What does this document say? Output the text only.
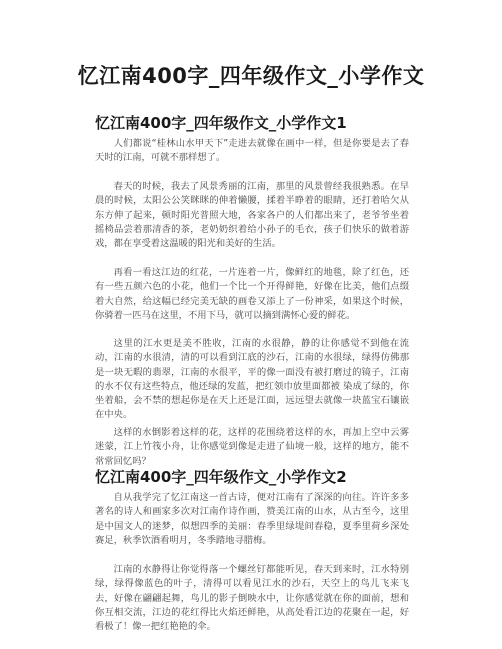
忆江南400字_四年级作文_小学作文
忆江南400字_四年级作文_小学作文1

人们都说“桂林山水甲天下”走进去就像在画中一样，但是你要是去了春天时的江南，可就不那样想了。

春天的时候，我去了风景秀丽的江南，那里的风景曾经我很熟悉。在早晨的时候，太阳公公笑眯眯的伸着懒腰，揉着半睁着的眼睛，还打着哈欠从东方伸了起来，顿时阳光普照大地，各家各户的人们都出来了，老爷爷坐着摇椅品尝着那清香的茶，老奶奶织着给小孙子的毛衣，孩子们快乐的做着游戏，都在享受着这温暖的阳光和美好的生活。

再看一看这江边的红花，一片连着一片，像鲜红的地毯，除了红色，还有一些五颜六色的小花，他们一个比一个开得鲜艳，好像在比美，他们点缀着大自然，给这幅已经完美无缺的画卷又添上了一份神采，如果这个时候，你骑着一匹马在这里，不用下马，就可以摘到满怀心爱的鲜花。

这里的江水更是美不胜收，江南的水很静，静的让你感觉不到他在流动，江南的水很清，清的可以看到江底的沙石，江南的水很绿，绿得仿佛那是一块无暇的翡翠，江南的水很平，平的像一面没有被打磨过的镜子，江南的水不仅有这些特点，他还绿的发蓝，把红领巾放里面都被 染成了绿的，你坐着船，会不禁的想起你是在天上还是江面，远远望去就像一块蓝宝石镶嵌在中央。

这样的水倒影着这样的花，这样的花围绕着这样的水，再加上空中云雾迷蒙，江上竹筏小舟，让你感觉到像是走进了仙境一般，这样的地方，能不常常回忆吗？

忆江南400字_四年级作文_小学作文2

自从我学完了忆江南这一首古诗，便对江南有了深深的向往。许许多多著名的诗人和画家多次对江南作诗作画，赞美江南的山水，从古至今，这里是中国文人的迷梦，似想四季的美丽：春季里绿堤间春稳，夏季里荷乡深处赛足，秋季饮酒看明月，冬季踏地寻腊梅。

江南的水静得让你觉得落一个螺丝钉都能听见，春天到来时，江水特别绿，绿得像蓝色的叶子，清得可以看见江水的沙石，天空上的鸟儿飞来飞去，好像在翩翩起舞，鸟儿的影子倒映水中，让你感觉就在你的面前，想和你互相交流，江边的花红得比火焰还鲜艳，从高处看江边的花聚在一起，好看极了！像一把红艳艳的伞。
